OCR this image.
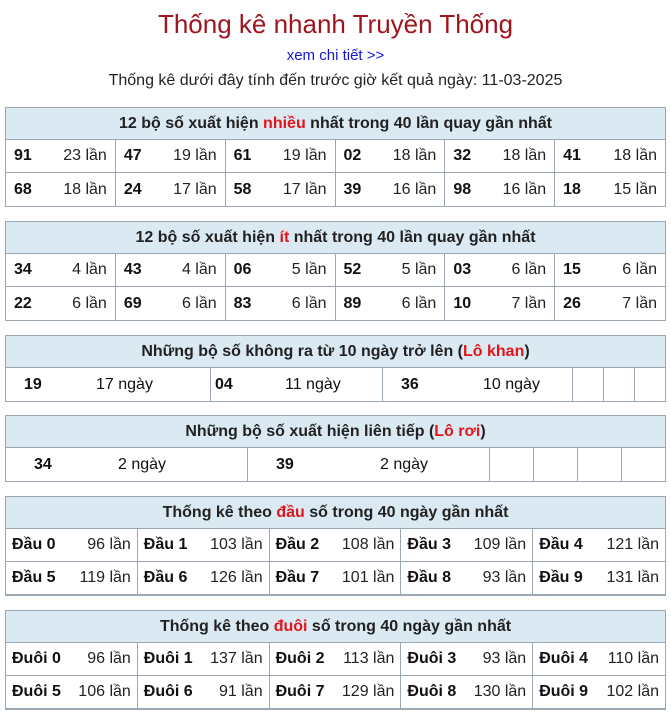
Thống kê nhanh Truyền Thống
xem chi tiết >>
Thống kê dưới đây tính đến trước giờ kết quả ngày: 11-03-2025
12 bộ số xuất hiện nhiều nhất trong 40 lần quay gần nhất
91 23 lần 47 19 lần 61 19 lần 02 18 lần 32 18 lần 41 18 lần
68 18 lần 24 17 lần 58 17 lần 39 16 lần 98 16 lần 18 15 lần
12 bộ số xuất hiện ít nhất trong 40 lần quay gần nhất
34	4 lần 43	4 lần 06	5 lần 52	5 lần 03	6 lần 15	6 lần
22	6 lần 69	6 lần 83	6 lần 89	6 lần 10	7 lần 26	7 lần
Những bộ số không ra từ 10 ngày trở lên (Lô khan)
19	17 ngày	04	11 ngày	36	10 ngày
Những bộ số xuất hiện liên tiếp (Lô rơi)
34	2 ngày	39	2 ngày
Thống kê theo đầu số trong 40 ngày gần nhất
Đầu 0 96 lần Đầu 1 103 lần Đầu 2 108 lần Đầu 3 109 lần Đầu 4 121 lần
Đầu 5 119 lần Đầu 6 126 lần Đầu 7 101 lần Đầu 8 93 lần Đầu 9 131 lần
Thống kê theo đuôi số trong 40 ngày gần nhất
Đuôi 0 96 lần Đuôi 1 137 lần Đuôi 2 113 lần Đuôi 3 93 lần Đuôi 4 110 lần
Đuôi 5 106 lần Đuôi 6 91 lần Đuôi 7 129 lần Đuôi 8 130 lần Đuôi 9 102 lần
